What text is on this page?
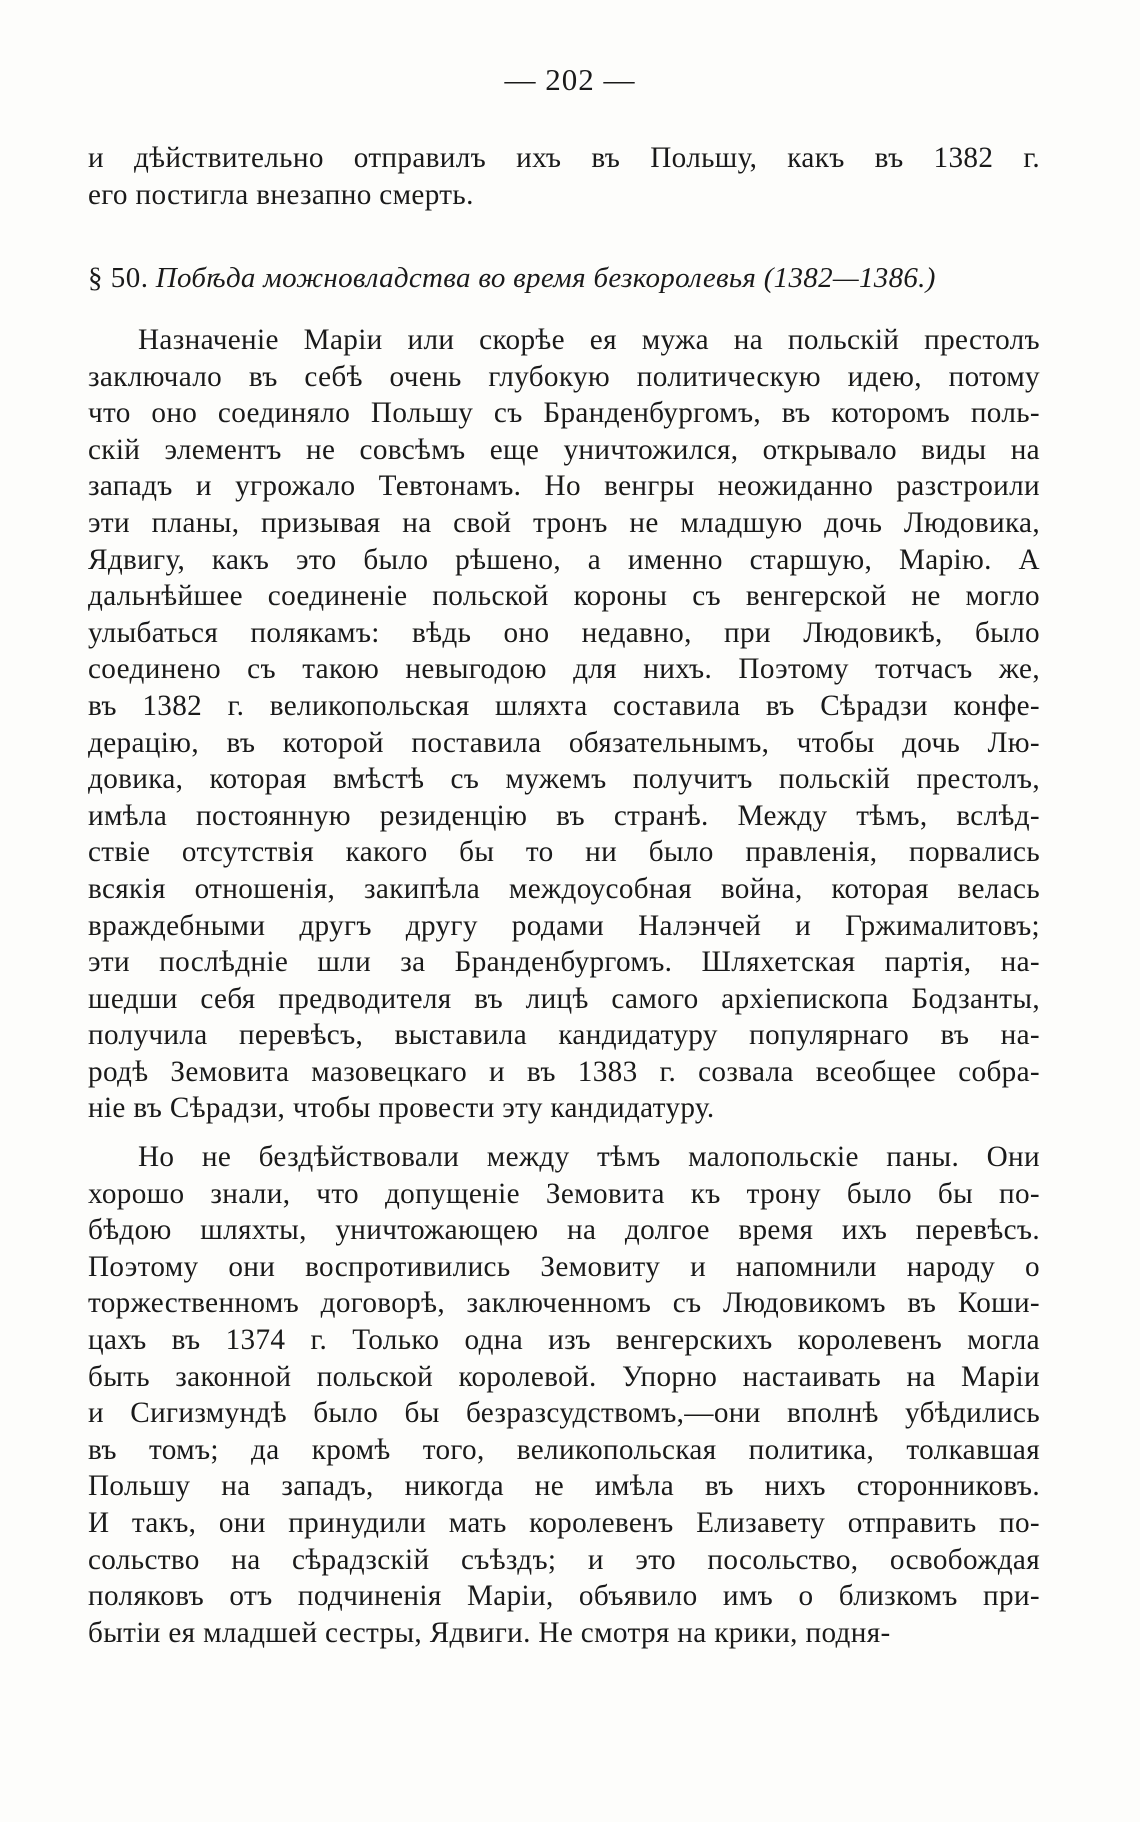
— 202 —
и дѣйствительно отправилъ ихъ въ Польшу, какъ въ 1382 г.
его постигла внезапно смерть.
§ 50. Побѣда можновладства во время безкоролевья (1382—1386.)
Назначеніе Маріи или скорѣе ея мужа на польскій престолъ
заключало въ себѣ очень глубокую политическую идею, потому
что оно соединяло Польшу съ Бранденбургомъ, въ которомъ поль-
скій элементъ не совсѣмъ еще уничтожился, открывало виды на
западъ и угрожало Тевтонамъ. Но венгры неожиданно разстроили
эти планы, призывая на свой тронъ не младшую дочь Людовика,
Ядвигу, какъ это было рѣшено, а именно старшую, Марію. А
дальнѣйшее соединеніе польской короны съ венгерской не могло
улыбаться полякамъ: вѣдь оно недавно, при Людовикѣ, было
соединено съ такою невыгодою для нихъ. Поэтому тотчасъ же,
въ 1382 г. великопольская шляхта составила въ Сѣрадзи конфе-
дерацію, въ которой поставила обязательнымъ, чтобы дочь Лю-
довика, которая вмѣстѣ съ мужемъ получитъ польскій престолъ,
имѣла постоянную резиденцію въ странѣ. Между тѣмъ, вслѣд-
ствіе отсутствія какого бы то ни было правленія, порвались
всякія отношенія, закипѣла междоусобная война, которая велась
враждебными другъ другу родами Налэнчей и Гржималитовъ;
эти послѣдніе шли за Бранденбургомъ. Шляхетская партія, на-
шедши себя предводителя въ лицѣ самого архіепископа Бодзанты,
получила перевѣсъ, выставила кандидатуру популярнаго въ на-
родѣ Земовита мазовецкаго и въ 1383 г. созвала всеобщее собра-
ніе въ Сѣрадзи, чтобы провести эту кандидатуру.
Но не бездѣйствовали между тѣмъ малопольскіе паны. Они
хорошо знали, что допущеніе Земовита къ трону было бы по-
бѣдою шляхты, уничтожающею на долгое время ихъ перевѣсъ.
Поэтому они воспротивились Земовиту и напомнили народу о
торжественномъ договорѣ, заключенномъ съ Людовикомъ въ Коши-
цахъ въ 1374 г. Только одна изъ венгерскихъ королевенъ могла
быть законной польской королевой. Упорно настаивать на Маріи
и Сигизмундѣ было бы безразсудствомъ,—они вполнѣ убѣдились
въ томъ; да кромѣ того, великопольская политика, толкавшая
Польшу на западъ, никогда не имѣла въ нихъ сторонниковъ.
И такъ, они принудили мать королевенъ Елизавету отправить по-
сольство на сѣрадзскій съѣздъ; и это посольство, освобождая
поляковъ отъ подчиненія Маріи, объявило имъ о близкомъ при-
бытіи ея младшей сестры, Ядвиги. Не смотря на крики, подня-
